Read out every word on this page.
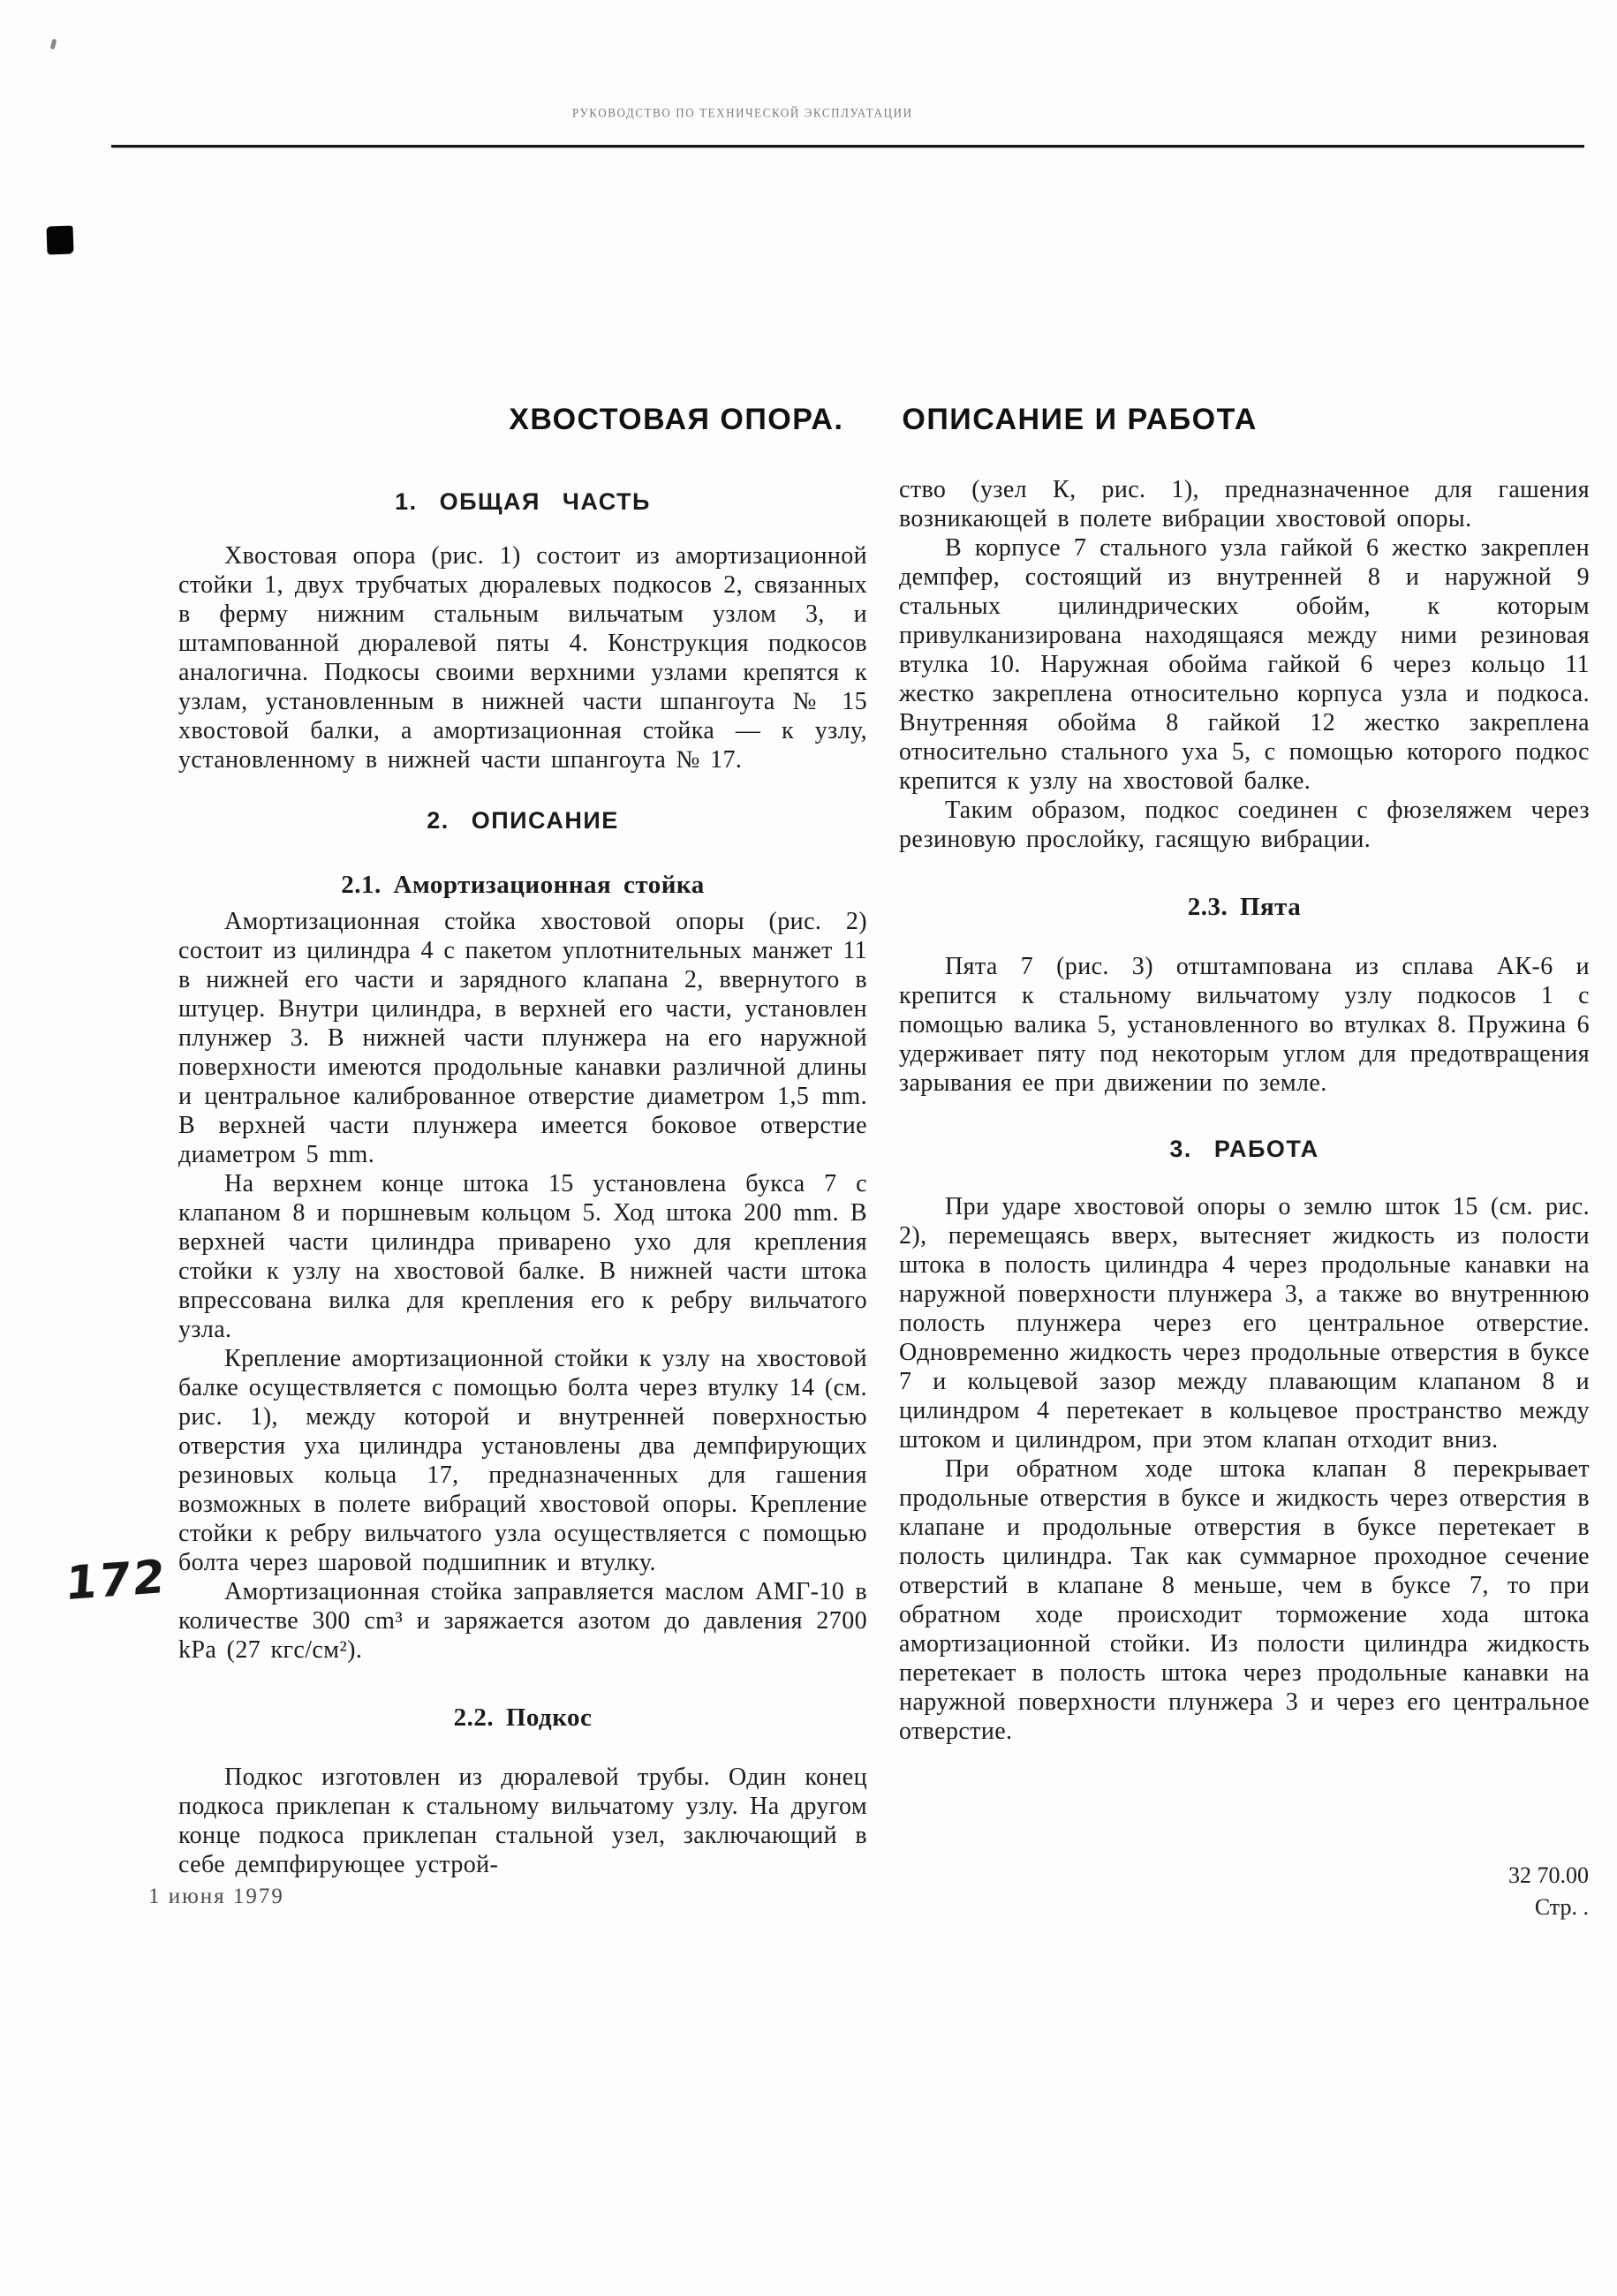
РУКОВОДСТВО ПО ТЕХНИЧЕСКОЙ ЭКСПЛУАТАЦИИ
ХВОСТОВАЯ ОПОРА. ОПИСАНИЕ И РАБОТА
1. ОБЩАЯ ЧАСТЬ

Хвостовая опора (рис. 1) состоит из амортизационной стойки 1, двух трубчатых дюралевых подкосов 2, связанных в ферму нижним стальным вильчатым узлом 3, и штампованной дюралевой пяты 4. Конструкция подкосов аналогична. Подкосы своими верхними узлами крепятся к узлам, установленным в нижней части шпангоута № 15 хвостовой балки, а амортизационная стойка — к узлу, установленному в нижней части шпангоута № 17.

2. ОПИСАНИЕ
2.1. Амортизационная стойка

Амортизационная стойка хвостовой опоры (рис. 2) состоит из цилиндра 4 с пакетом уплотнительных манжет 11 в нижней его части и зарядного клапана 2, ввернутого в штуцер. Внутри цилиндра, в верхней его части, установлен плунжер 3. В нижней части плунжера на его наружной поверхности имеются продольные канавки различной длины и центральное калиброванное отверстие диаметром 1,5 mm. В верхней части плунжера имеется боковое отверстие диаметром 5 mm.

На верхнем конце штока 15 установлена букса 7 с клапаном 8 и поршневым кольцом 5. Ход штока 200 mm. В верхней части цилиндра приварено ухо для крепления стойки к узлу на хвостовой балке. В нижней части штока впрессована вилка для крепления его к ребру вильчатого узла.

Крепление амортизационной стойки к узлу на хвостовой балке осуществляется с помощью болта через втулку 14 (см. рис. 1), между которой и внутренней поверхностью отверстия уха цилиндра установлены два демпфирующих резиновых кольца 17, предназначенных для гашения возможных в полете вибраций хвостовой опоры. Крепление стойки к ребру вильчатого узла осуществляется с помощью болта через шаровой подшипник и втулку.

Амортизационная стойка заправляется маслом АМГ-10 в количестве 300 cm³ и заряжается азотом до давления 2700 kPa (27 кгс/см²).

2.2. Подкос

Подкос изготовлен из дюралевой трубы. Один конец подкоса приклепан к стальному вильчатому узлу. На другом конце подкоса приклепан стальной узел, заключающий в себе демпфирующее устрой-

ство (узел К, рис. 1), предназначенное для гашения возникающей в полете вибрации хвостовой опоры.

В корпусе 7 стального узла гайкой 6 жестко закреплен демпфер, состоящий из внутренней 8 и наружной 9 стальных цилиндрических обойм, к которым привулканизирована находящаяся между ними резиновая втулка 10. Наружная обойма гайкой 6 через кольцо 11 жестко закреплена относительно корпуса узла и подкоса. Внутренняя обойма 8 гайкой 12 жестко закреплена относительно стального уха 5, с помощью которого подкос крепится к узлу на хвостовой балке.

Таким образом, подкос соединен с фюзеляжем через резиновую прослойку, гасящую вибрации.

2.3. Пята

Пята 7 (рис. 3) отштампована из сплава АК-6 и крепится к стальному вильчатому узлу подкосов 1 с помощью валика 5, установленного во втулках 8. Пружина 6 удерживает пяту под некоторым углом для предотвращения зарывания ее при движении по земле.

3. РАБОТА

При ударе хвостовой опоры о землю шток 15 (см. рис. 2), перемещаясь вверх, вытесняет жидкость из полости штока в полость цилиндра 4 через продольные канавки на наружной поверхности плунжера 3, а также во внутреннюю полость плунжера через его центральное отверстие. Одновременно жидкость через продольные отверстия в буксе 7 и кольцевой зазор между плавающим клапаном 8 и цилиндром 4 перетекает в кольцевое пространство между штоком и цилиндром, при этом клапан отходит вниз.

При обратном ходе штока клапан 8 перекрывает продольные отверстия в буксе и жидкость через отверстия в клапане и продольные отверстия в буксе перетекает в полость цилиндра. Так как суммарное проходное сечение отверстий в клапане 8 меньше, чем в буксе 7, то при обратном ходе происходит торможение хода штока амортизационной стойки. Из полости цилиндра жидкость перетекает в полость штока через продольные канавки на наружной поверхности плунжера 3 и через его центральное отверстие.

172
1 июня 1979
32 70.00
Стр. .
